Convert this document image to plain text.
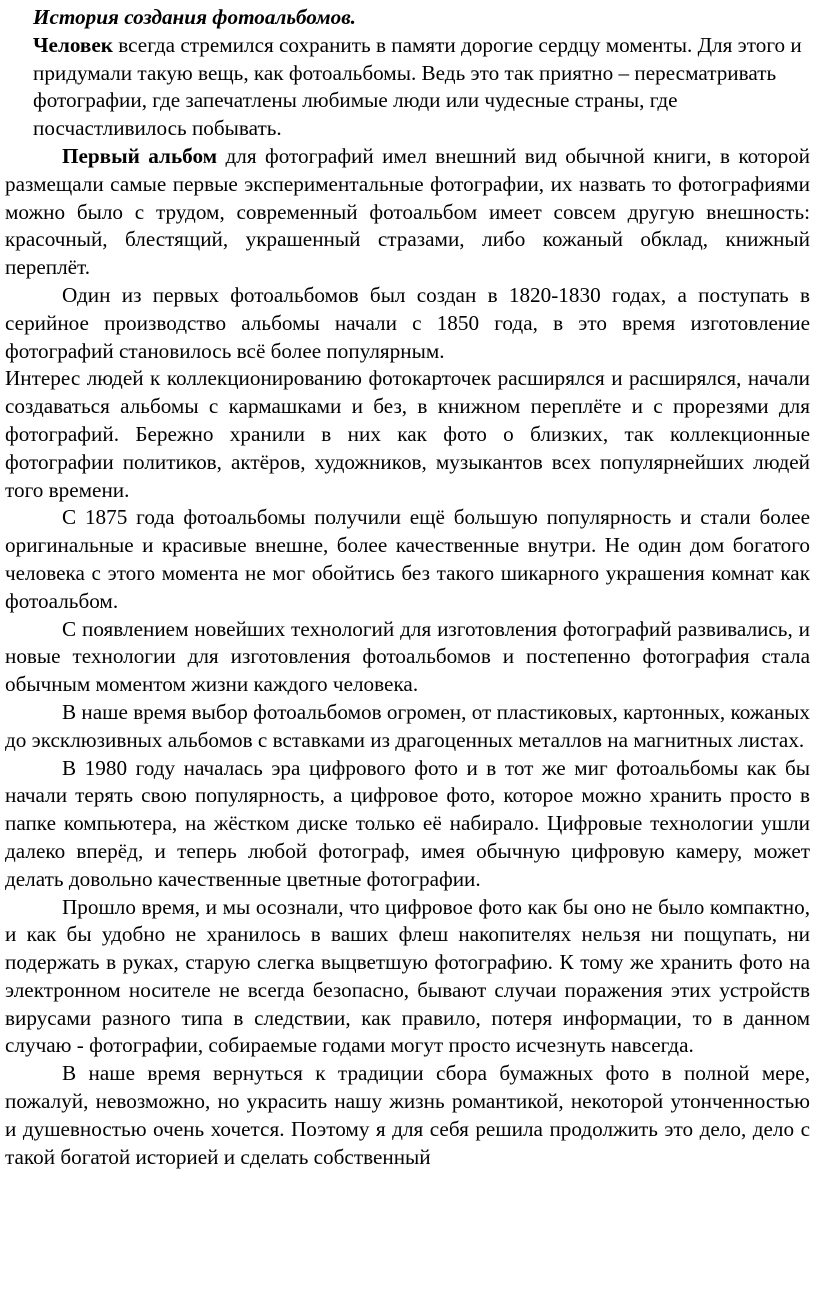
История создания фотоальбомов.
Человек всегда стремился сохранить в памяти дорогие сердцу моменты. Для этого и придумали такую вещь, как фотоальбомы. Ведь это так приятно – пересматривать фотографии, где запечатлены любимые люди или чудесные страны, где посчастливилось побывать.

Первый альбом для фотографий имел внешний вид обычной книги, в которой размещали самые первые экспериментальные фотографии, их назвать то фотографиями можно было с трудом, современный фотоальбом имеет совсем другую внешность: красочный, блестящий, украшенный стразами, либо кожаный обклад, книжный переплёт.

Один из первых фотоальбомов был создан в 1820-1830 годах, а поступать в серийное производство альбомы начали с 1850 года, в это время изготовление фотографий становилось всё более популярным.

Интерес людей к коллекционированию фотокарточек расширялся и расширялся, начали создаваться альбомы с кармашками и без, в книжном переплёте и с прорезями для фотографий. Бережно хранили в них как фото о близких, так коллекционные фотографии политиков, актёров, художников, музыкантов всех популярнейших людей того времени.

С 1875 года фотоальбомы получили ещё большую популярность и стали более оригинальные и красивые внешне, более качественные внутри. Не один дом богатого человека с этого момента не мог обойтись без такого шикарного украшения комнат как фотоальбом.

С появлением новейших технологий для изготовления фотографий развивались, и новые технологии для изготовления фотоальбомов и постепенно фотография стала обычным моментом жизни каждого человека.

В наше время выбор фотоальбомов огромен, от пластиковых, картонных, кожаных до эксклюзивных альбомов с вставками из драгоценных металлов на магнитных листах.

В 1980 году началась эра цифрового фото и в тот же миг фотоальбомы как бы начали терять свою популярность, а цифровое фото, которое можно хранить просто в папке компьютера, на жёстком диске только её набирало. Цифровые технологии ушли далеко вперёд, и теперь любой фотограф, имея обычную цифровую камеру, может делать довольно качественные цветные фотографии.

Прошло время, и мы осознали, что цифровое фото как бы оно не было компактно, и как бы удобно не хранилось в ваших флеш накопителях нельзя ни пощупать, ни подержать в руках, старую слегка выцветшую фотографию. К тому же хранить фото на электронном носителе не всегда безопасно, бывают случаи поражения этих устройств вирусами разного типа в следствии, как правило, потеря информации, то в данном случаю - фотографии, собираемые годами могут просто исчезнуть навсегда.

В наше время вернуться к традиции сбора бумажных фото в полной мере, пожалуй, невозможно, но украсить нашу жизнь романтикой, некоторой утонченностью и душевностью очень хочется. Поэтому я для себя решила продолжить это дело, дело с такой богатой историей и сделать собственный
